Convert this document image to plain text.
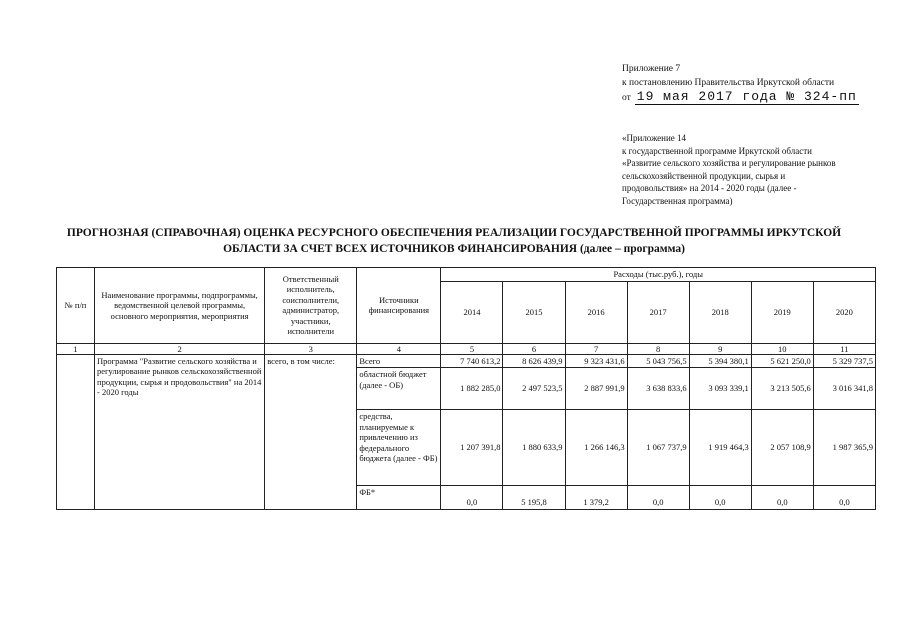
Приложение 7
к постановлению Правительства Иркутской области
от 19 мая 2017 года № 324-пп
«Приложение 14
к государственной программе Иркутской области
«Развитие сельского хозяйства и регулирование рынков
сельскохозяйственной продукции, сырья и
продовольствия» на 2014 - 2020 годы (далее -
Государственная программа)
ПРОГНОЗНАЯ (СПРАВОЧНАЯ) ОЦЕНКА РЕСУРСНОГО ОБЕСПЕЧЕНИЯ РЕАЛИЗАЦИИ ГОСУДАРСТВЕННОЙ ПРОГРАММЫ ИРКУТСКОЙ
ОБЛАСТИ ЗА СЧЕТ ВСЕХ ИСТОЧНИКОВ ФИНАНСИРОВАНИЯ (далее – программа)
№ п/п	Наименование программы, подпрограммы, ведомственной целевой программы, основного мероприятия, мероприятия	Ответственный исполнитель, соисполнители, администратор, участники, исполнители	Источники финансирования	Расходы (тыс.руб.), годы						
				2014	2015	2016	2017	2018	2019	2020
1	2	3	4	5	6	7	8	9	10	11
	Программа "Развитие сельского хозяйства и регулирование рынков сельскохозяйственной продукции, сырья и продовольствия" на 2014 - 2020 годы	всего, в том числе:	Всего	7 740 613,2	8 626 439,9	9 323 431,6	5 043 756,5	5 394 380,1	5 621 250,0	5 329 737,5
			областной бюджет (далее - ОБ)	1 882 285,0	2 497 523,5	2 887 991,9	3 638 833,6	3 093 339,1	3 213 505,6	3 016 341,8
			средства, планируемые к привлечению из федерального бюджета (далее - ФБ)	1 207 391,8	1 880 633,9	1 266 146,3	1 067 737,9	1 919 464,3	2 057 108,9	1 987 365,9
			ФБ*	0,0	5 195,8	1 379,2	0,0	0,0	0,0	0,0
